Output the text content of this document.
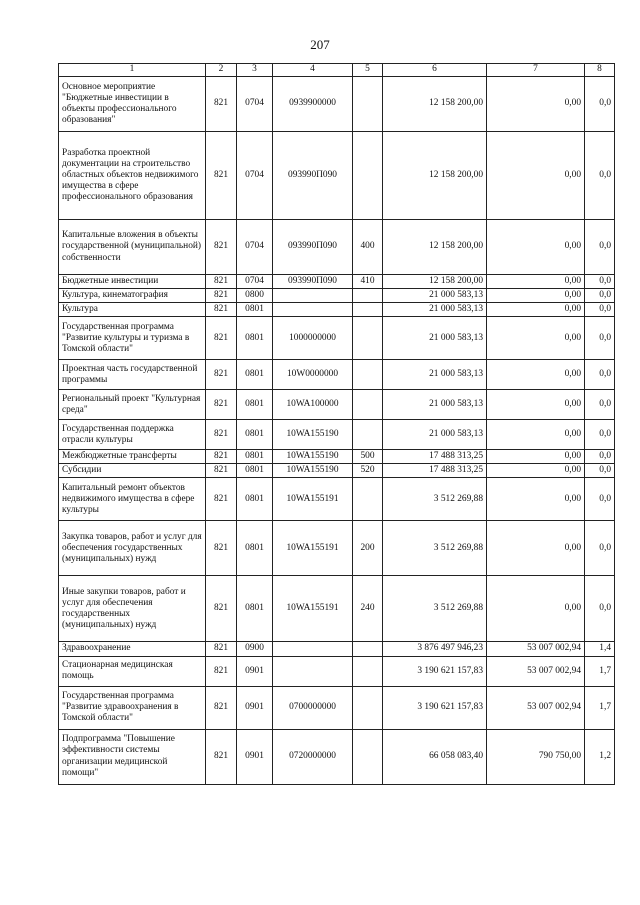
207
1	2	3	4	5	6	7	8
Основное мероприятие "Бюджетные инвестиции в объекты профессионального образования"	821	0704	0939900000		12 158 200,00	0,00	0,0
Разработка проектной документации на строительство областных объектов недвижимого имущества в сфере профессионального образования	821	0704	093990П090		12 158 200,00	0,00	0,0
Капитальные вложения в объекты государственной (муниципальной) собственности	821	0704	093990П090	400	12 158 200,00	0,00	0,0
Бюджетные инвестиции	821	0704	093990П090	410	12 158 200,00	0,00	0,0
Культура, кинематография	821	0800			21 000 583,13	0,00	0,0
Культура	821	0801			21 000 583,13	0,00	0,0
Государственная программа "Развитие культуры и туризма в Томской области"	821	0801	1000000000		21 000 583,13	0,00	0,0
Проектная часть государственной программы	821	0801	10W0000000		21 000 583,13	0,00	0,0
Региональный проект "Культурная среда"	821	0801	10WA100000		21 000 583,13	0,00	0,0
Государственная поддержка отрасли культуры	821	0801	10WA155190		21 000 583,13	0,00	0,0
Межбюджетные трансферты	821	0801	10WA155190	500	17 488 313,25	0,00	0,0
Субсидии	821	0801	10WA155190	520	17 488 313,25	0,00	0,0
Капитальный ремонт объектов недвижимого имущества в сфере культуры	821	0801	10WA155191		3 512 269,88	0,00	0,0
Закупка товаров, работ и услуг для обеспечения государственных (муниципальных) нужд	821	0801	10WA155191	200	3 512 269,88	0,00	0,0
Иные закупки товаров, работ и услуг для обеспечения государственных (муниципальных) нужд	821	0801	10WA155191	240	3 512 269,88	0,00	0,0
Здравоохранение	821	0900			3 876 497 946,23	53 007 002,94	1,4
Стационарная медицинская помощь	821	0901			3 190 621 157,83	53 007 002,94	1,7
Государственная программа "Развитие здравоохранения в Томской области"	821	0901	0700000000		3 190 621 157,83	53 007 002,94	1,7
Подпрограмма "Повышение эффективности системы организации медицинской помощи"	821	0901	0720000000		66 058 083,40	790 750,00	1,2
